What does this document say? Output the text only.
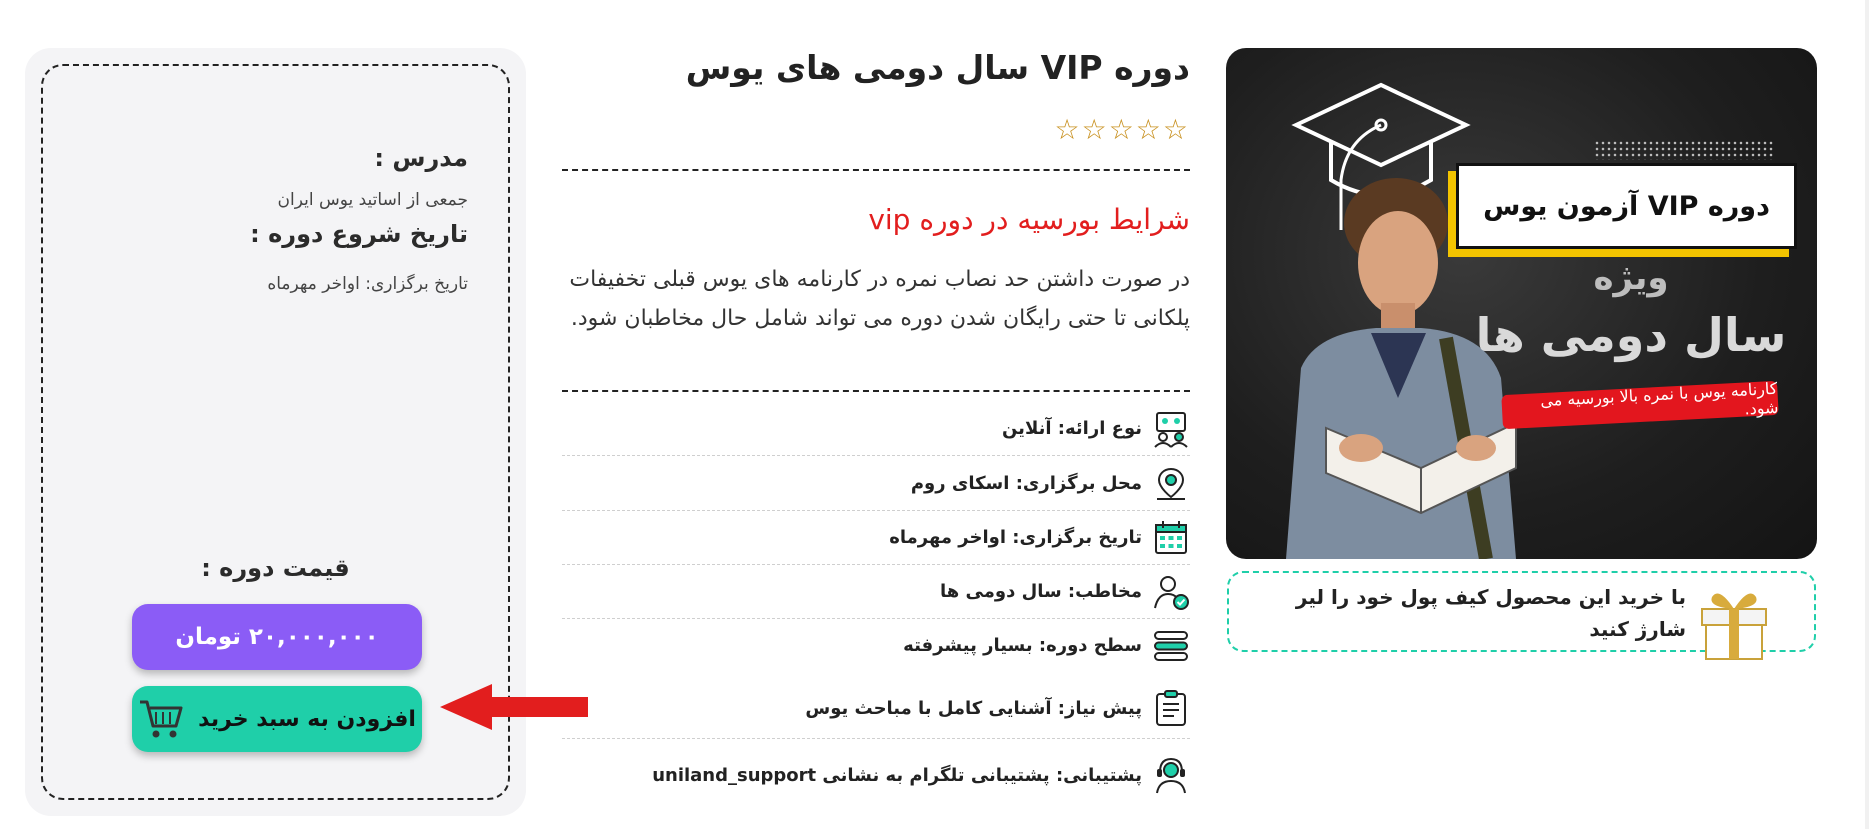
مدرس :
جمعی از اساتید یوس ایران
تاریخ شروع دوره :
تاریخ برگزاری: اواخر مهرماه
قیمت دوره :
۲۰,۰۰۰,۰۰۰ تومان
افزودن به سبد خرید
دوره VIP سال دومی های یوس
☆☆☆☆☆
شرایط بورسیه در دوره vip
در صورت داشتن حد نصاب نمره در کارنامه های یوس قبلی تخفیفات پلکانی تا حتی رایگان شدن دوره می تواند شامل حال مخاطبان شود.
نوع ارائه: آنلاین
محل برگزاری: اسکای روم
تاریخ برگزاری: اواخر مهرماه
مخاطب: سال دومی ها
سطح دوره: بسیار پیشرفته
پیش نیاز: آشنایی کامل با مباحث یوس
پشتیبانی: پشتیبانی تلگرام به نشانی uniland_support
دوره VIP آزمون یوس
ویژه
سال دومی ها
کارنامه یوس با نمره بالا بورسیه می شود.
با خرید این محصول کیف پول خود را لیر شارژ کنید
